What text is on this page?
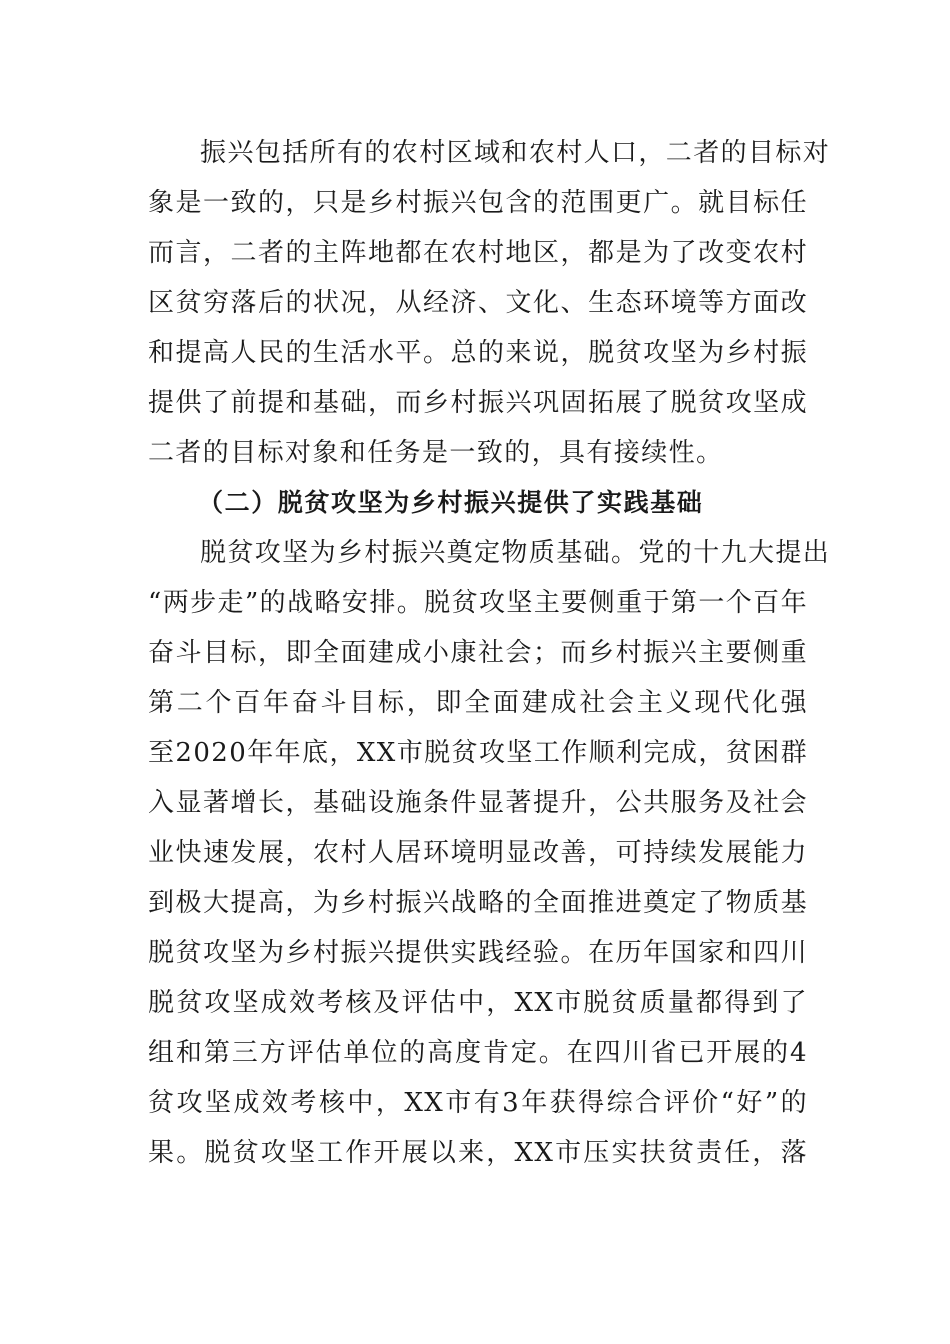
振兴包括所有的农村区域和农村人口，二者的目标对
象是一致的，只是乡村振兴包含的范围更广。就目标任
而言，二者的主阵地都在农村地区，都是为了改变农村
区贫穷落后的状况，从经济、文化、生态环境等方面改
和提高人民的生活水平。总的来说，脱贫攻坚为乡村振
提供了前提和基础，而乡村振兴巩固拓展了脱贫攻坚成
二者的目标对象和任务是一致的，具有接续性。
（二）脱贫攻坚为乡村振兴提供了实践基础
脱贫攻坚为乡村振兴奠定物质基础。党的十九大提出
“两步走”的战略安排。脱贫攻坚主要侧重于第一个百年
奋斗目标，即全面建成小康社会；而乡村振兴主要侧重
第二个百年奋斗目标，即全面建成社会主义现代化强
至2020年年底，XX市脱贫攻坚工作顺利完成，贫困群
入显著增长，基础设施条件显著提升，公共服务及社会
业快速发展，农村人居环境明显改善，可持续发展能力
到极大提高，为乡村振兴战略的全面推进奠定了物质基
脱贫攻坚为乡村振兴提供实践经验。在历年国家和四川
脱贫攻坚成效考核及评估中，XX市脱贫质量都得到了
组和第三方评估单位的高度肯定。在四川省已开展的4
贫攻坚成效考核中，XX市有3年获得综合评价“好”的
果。脱贫攻坚工作开展以来，XX市压实扶贫责任，落
